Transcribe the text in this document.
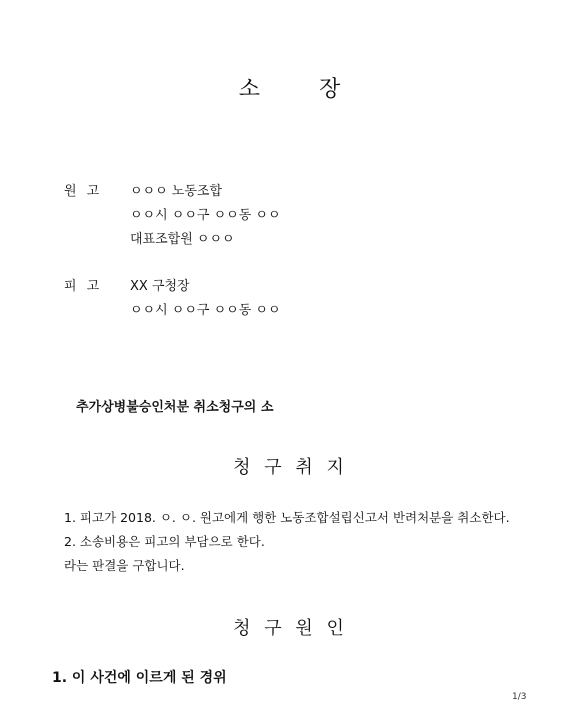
소	장
원 고	ㅇㅇㅇ 노동조합
ㅇㅇ시 ㅇㅇ구 ㅇㅇ동 ㅇㅇ
대표조합원 ㅇㅇㅇ
피 고	XX 구청장
ㅇㅇ시 ㅇㅇ구 ㅇㅇ동 ㅇㅇ
추가상병불승인처분 취소청구의 소
청 구 취 지
1. 피고가 2018. ㅇ. ㅇ. 원고에게 행한 노동조합설립신고서 반려처분을 취소한다.
2. 소송비용은 피고의 부담으로 한다.
라는 판결을 구합니다.
청 구 원 인
1. 이 사건에 이르게 된 경위
1/3
